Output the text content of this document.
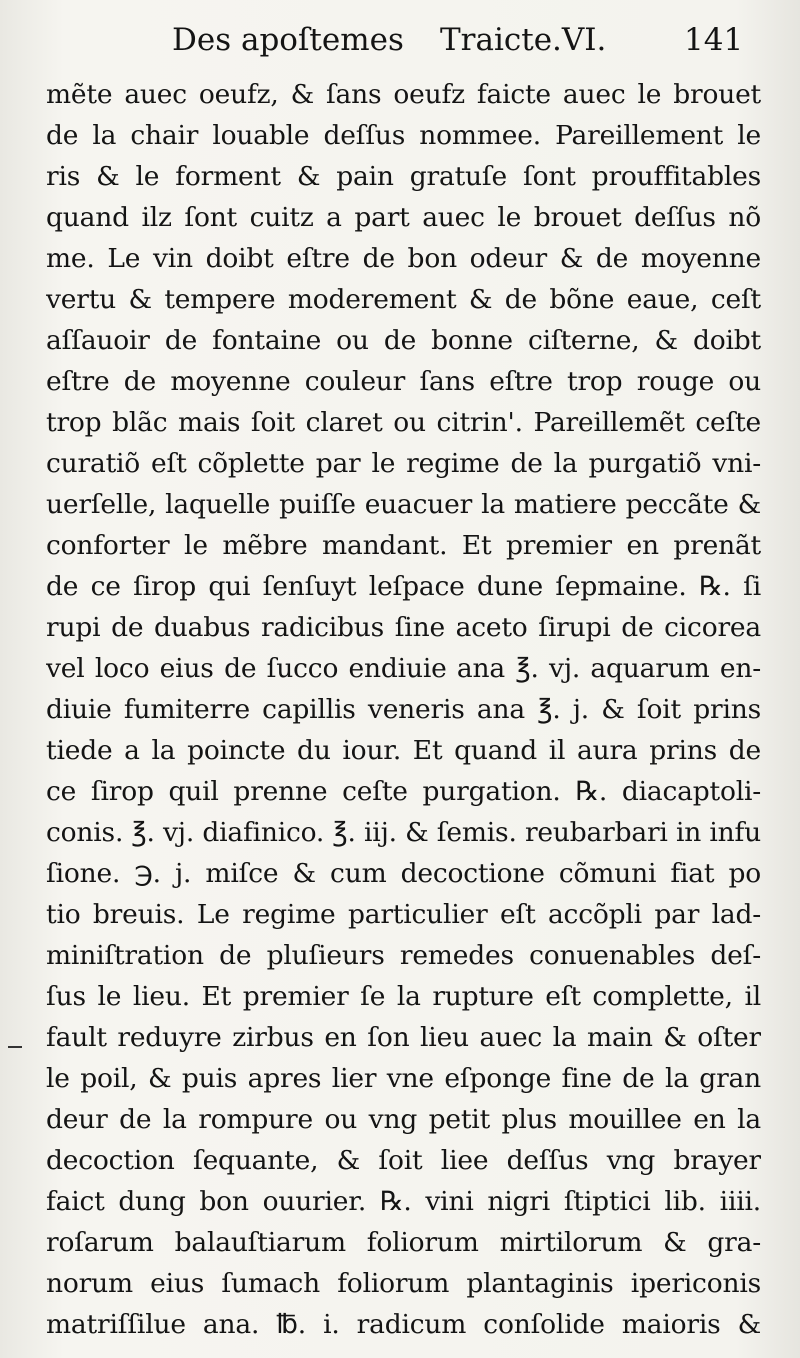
Des apoſtemes Traicte.VI.	141
mẽte auec oeufz, & ſans oeufz faicte auec le brouet
de la chair louable deſſus nommee. Pareillement le
ris & le forment & pain gratuſe ſont prouffitables
quand ilz ſont cuitz a part auec le brouet deſſus nõ
me. Le vin doibt eſtre de bon odeur & de moyenne
vertu & tempere moderement & de bõne eaue, ceſt
aſſauoir de fontaine ou de bonne ciſterne, & doibt
eſtre de moyenne couleur ſans eſtre trop rouge ou
trop blãc mais ſoit claret ou citrin'. Pareillemẽt ceſte
curatiõ eſt cõplette par le regime de la purgatiõ vni-
uerſelle, laquelle puiſſe euacuer la matiere peccãte &
conforter le mẽbre mandant. Et premier en prenãt
de ce ſirop qui ſenſuyt leſpace dune ſepmaine. ℞. ſi
rupi de duabus radicibus ſine aceto ſirupi de cicorea
vel loco eius de ſucco endiuie ana ℥. vj. aquarum en-
diuie fumiterre capillis veneris ana ℥. j. & ſoit prins
tiede a la poincte du iour. Et quand il aura prins de
ce ſirop quil prenne ceſte purgation. ℞. diacaptoli-
conis. ℥. vj. diafinico. ℥. iij. & ſemis. reubarbari in infu
ſione. ℈. j. miſce & cum decoctione cõmuni fiat po
tio breuis. Le regime particulier eſt accõpli par lad-
miniſtration de pluſieurs remedes conuenables deſ-
ſus le lieu. Et premier ſe la rupture eſt complette, il
fault reduyre zirbus en ſon lieu auec la main & oſter
le poil, & puis apres lier vne eſponge fine de la gran
deur de la rompure ou vng petit plus mouillee en la
decoction ſequante, & ſoit liee deſſus vng brayer
faict dung bon ouurier. ℞. vini nigri ſtiptici lib. iiii.
roſarum balauſtiarum foliorum mirtilorum & gra-
norum eius ſumach foliorum plantaginis ipericonis
matriſſilue ana. ℔. i. radicum conſolide maioris &
